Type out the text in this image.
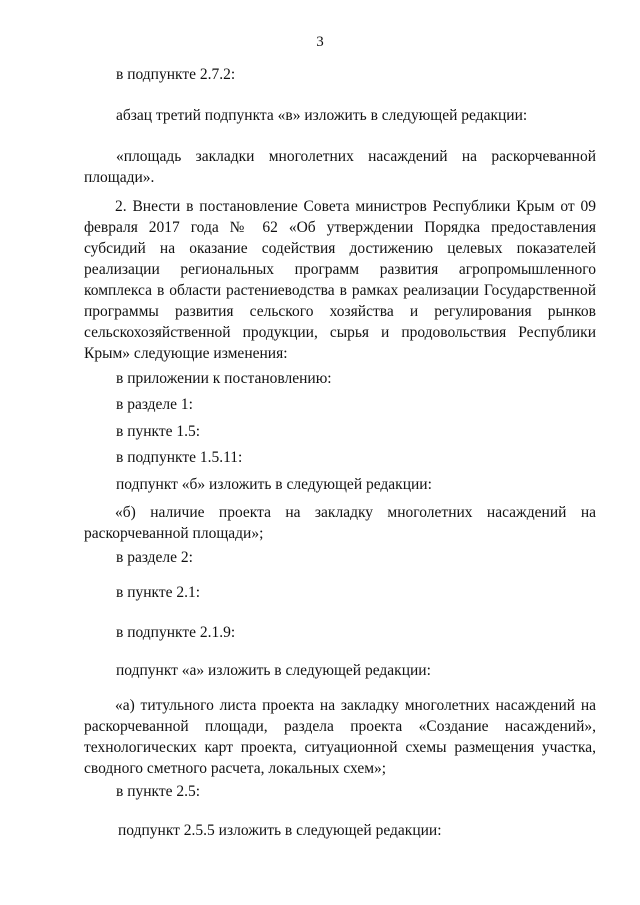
3

в подпункте 2.7.2:

абзац третий подпункта «в» изложить в следующей редакции:

«площадь закладки многолетних насаждений на раскорчеванной

площади».

2. Внести в постановление Совета министров Республики Крым от 09 февраля 2017 года № 62 «Об утверждении Порядка предоставления субсидий на оказание содействия достижению целевых показателей реализации региональных программ развития агропромышленного комплекса в области растениеводства в рамках реализации Государственной программы развития сельского хозяйства и регулирования рынков сельскохозяйственной продукции, сырья и продовольствия Республики Крым» следующие изменения:

в приложении к постановлению:

в разделе 1:

в пункте 1.5:

в подпункте 1.5.11:

подпункт «б» изложить в следующей редакции:

«б) наличие проекта на закладку многолетних насаждений на раскорчеванной площади»;

в разделе 2:

в пункте 2.1:

в подпункте 2.1.9:

подпункт «а» изложить в следующей редакции:

«а) титульного листа проекта на закладку многолетних насаждений на раскорчеванной площади, раздела проекта «Создание насаждений», технологических карт проекта, ситуационной схемы размещения участка, сводного сметного расчета, локальных схем»;

в пункте 2.5:

подпункт 2.5.5 изложить в следующей редакции:
